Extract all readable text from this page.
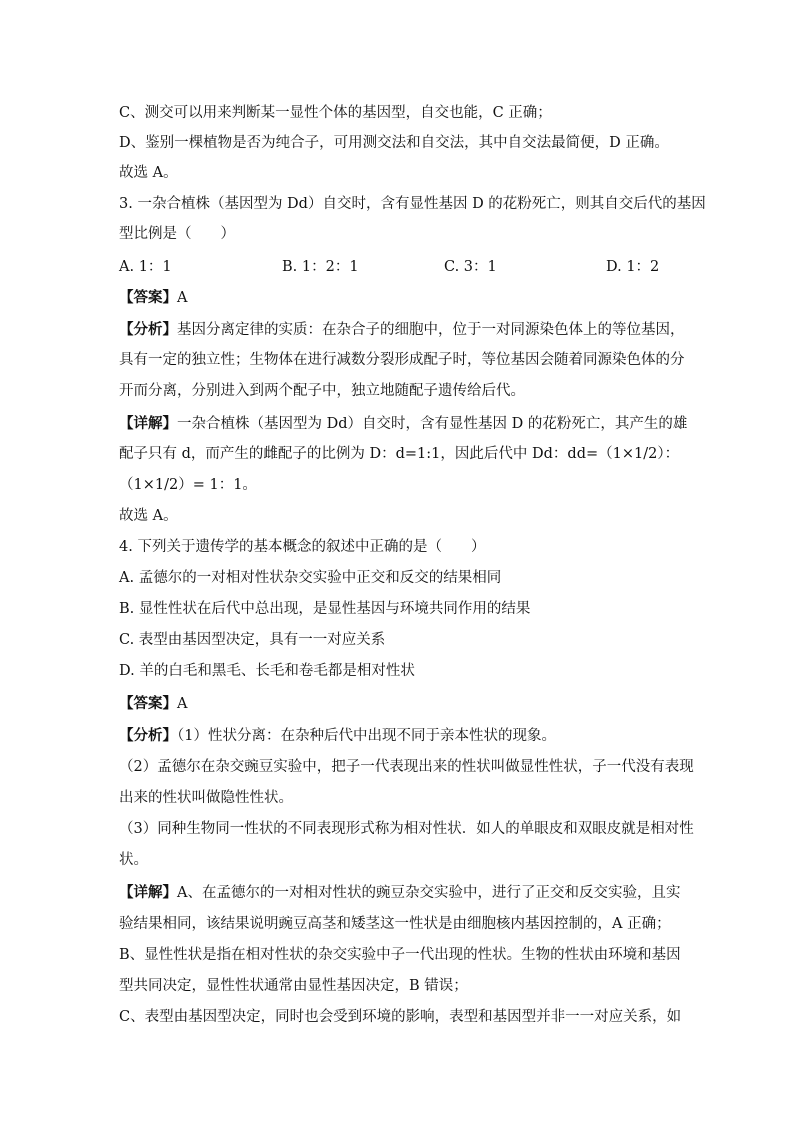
C、测交可以用来判断某一显性个体的基因型，自交也能，C 正确；
D、鉴别一棵植物是否为纯合子，可用测交法和自交法，其中自交法最简便，D 正确。
故选 A。
3. 一杂合植株（基因型为 Dd）自交时，含有显性基因 D 的花粉死亡，则其自交后代的基因
型比例是（　　）
A. 1：1	B. 1：2：1	C. 3：1	D. 1：2
【答案】A
【分析】基因分离定律的实质：在杂合子的细胞中，位于一对同源染色体上的等位基因，
具有一定的独立性；生物体在进行减数分裂形成配子时，等位基因会随着同源染色体的分
开而分离，分别进入到两个配子中，独立地随配子遗传给后代。
【详解】一杂合植株（基因型为 Dd）自交时，含有显性基因 D 的花粉死亡，其产生的雄
配子只有 d，而产生的雌配子的比例为 D：d=1:1，因此后代中 Dd：dd=（1×1/2）：
（1×1/2）= 1：1。
故选 A。
4. 下列关于遗传学的基本概念的叙述中正确的是（　　）
A. 孟德尔的一对相对性状杂交实验中正交和反交的结果相同
B. 显性性状在后代中总出现，是显性基因与环境共同作用的结果
C. 表型由基因型决定，具有一一对应关系
D. 羊的白毛和黑毛、长毛和卷毛都是相对性状
【答案】A
【分析】（1）性状分离：在杂种后代中出现不同于亲本性状的现象。
（2）孟德尔在杂交豌豆实验中，把子一代表现出来的性状叫做显性性状，子一代没有表现
出来的性状叫做隐性性状。
（3）同种生物同一性状的不同表现形式称为相对性状．如人的单眼皮和双眼皮就是相对性
状。
【详解】A、在孟德尔的一对相对性状的豌豆杂交实验中，进行了正交和反交实验，且实
验结果相同，该结果说明豌豆高茎和矮茎这一性状是由细胞核内基因控制的，A 正确；
B、显性性状是指在相对性状的杂交实验中子一代出现的性状。生物的性状由环境和基因
型共同决定，显性性状通常由显性基因决定，B 错误；
C、表型由基因型决定，同时也会受到环境的影响，表型和基因型并非一一对应关系，如
